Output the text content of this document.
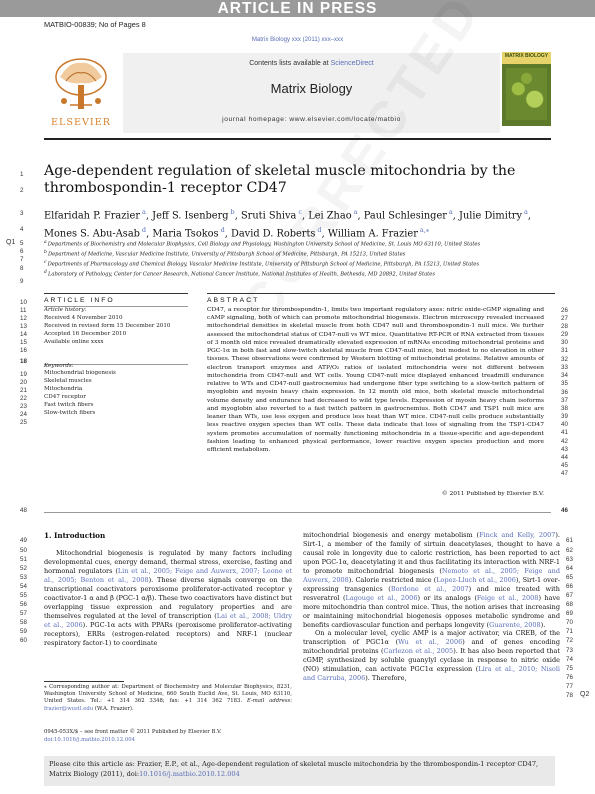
ARTICLE IN PRESS
MATBIO-00839; No of Pages 8
Matrix Biology xxx (2011) xxx–xxx
ELSEVIER
Contents lists available at ScienceDirect
Matrix Biology
journal homepage: www.elsevier.com/locate/matbio
MATRIX BIOLOGY
1
2
3
4
Q1 5
6
7
8
9
10
11
12
13
14
15
16
18
19
20
21
22
23
24
25
48
49
50
51
52
53
54
55
56
57
58
59
60
26
27
28
29
30
31
32
33
34
35
36
37
38
39
40
41
42
43
44
45
46
47
61
62
63
64
65
66
67
68
69
70
71
72
73
74
75
76
77
78 Q2
Age-dependent regulation of skeletal muscle mitochondria by the thrombospondin-1 receptor CD47
Elfaridah P. Frazier  $^a$, Jeff S. Isenberg  $^b$, Sruti Shiva  $^c$, Lei Zhao  $^a$, Paul Schlesinger  $^a$, Julie Dimitry  $^a$,
Mones S. Abu-Asab  $^d$, Maria Tsokos  $^d$, David D. Roberts  $^d$, William A. Frazier  $^{a,⁎}$
$^a$ Departments of Biochemistry and Molecular Biophysics, Cell Biology and Physiology, Washington University School of Medicine, St. Louis MO 63110, United States
$^b$ Department of Medicine, Vascular Medicine Institute, University of Pittsburgh School of Medicine, Pittsburgh, PA 15213, United States
$^c$ Departments of Pharmacology and Chemical Biology, Vascular Medicine Institute, University of Pittsburgh School of Medicine, Pittsburgh, PA 15213, United States
$^d$ Laboratory of Pathology, Center for Cancer Research, National Cancer Institute, National Institutes of Health, Bethesda, MD 20892, United States
ARTICLE INFO	ABSTRACT
Article history:
Received 4 November 2010
Received in revised form 15 December 2010
Accepted 16 December 2010
Available online xxxx
Keywords:
Mitochondrial biogenesis
Skeletal muscles
Mitochondria
CD47 receptor
Fast twitch fibers
Slow-twitch fibers
CD47, a receptor for thrombospondin-1, limits two important regulatory axes: nitric oxide-cGMP signaling and cAMP signaling, both of which can promote mitochondrial biogenesis. Electron microscopy revealed increased mitochondrial densities in skeletal muscle from both CD47 null and thrombospondin-1 null mice. We further assessed the mitochondrial status of CD47-null vs WT mice. Quantitative RT-PCR of RNA extracted from tissues of 3 month old mice revealed dramatically elevated expression of mRNAs encoding mitochondrial proteins and PGC-1α in both fast and slow-twitch skeletal muscle from CD47-null mice, but modest to no elevation in other tissues. These observations were confirmed by Western blotting of mitochondrial proteins. Relative amounts of electron transport enzymes and ATP/O₂ ratios of isolated mitochondria were not different between mitochondria from CD47-null and WT cells. Young CD47-null mice displayed enhanced treadmill endurance relative to WTs and CD47-null gastrocnemius had undergone fiber type switching to a slow-twitch pattern of myoglobin and myosin heavy chain expression. In 12 month old mice, both skeletal muscle mitochondrial volume density and endurance had decreased to wild type levels. Expression of myosin heavy chain isoforms and myoglobin also reverted to a fast twitch pattern in gastrocnemius. Both CD47 and TSP1 null mice are leaner than WTs, use less oxygen and produce less heat than WT mice. CD47-null cells produce substantially less reactive oxygen species than WT cells. These data indicate that loss of signaling from the TSP1-CD47 system promotes accumulation of normally functioning mitochondria in a tissue-specific and age-dependent fashion leading to enhanced physical performance, lower reactive oxygen species production and more efficient metabolism.
© 2011 Published by Elsevier B.V.
1. Introduction

Mitochondrial biogenesis is regulated by many factors including developmental cues, energy demand, thermal stress, exercise, fasting and hormonal regulators (Lin et al., 2005; Feige and Auwerx, 2007; Leone et al., 2005; Benton et al., 2008). These diverse signals converge on the transcriptional coactivators peroxisome proliferator-activated receptor γ coactivator-1 α and β (PGC-1 α/β). These two coactivators have distinct but overlapping tissue expression and regulatory properties and are themselves regulated at the level of transcription (Lai et al., 2008; Uldry et al., 2006). PGC-1α acts with PPARs (peroxisome proliferator-activating receptors), ERRs (estrogen-related receptors) and NRF-1 (nuclear respiratory factor-1) to coordinate

mitochondrial biogenesis and energy metabolism (Finck and Kelly, 2007). Sirt-1, a member of the family of sirtuin deacetylases, thought to have a causal role in longevity due to caloric restriction, has been reported to act upon PGC-1α, deacetylating it and thus facilitating its interaction with NRF-1 to promote mitochondrial biogenesis (Nemoto et al., 2005; Feige and Auwerx, 2008). Calorie restricted mice (Lopez-Lluch et al., 2006), Sirt-1 over-expressing transgenics (Bordone et al., 2007) and mice treated with resveratrol (Lagouge et al., 2006) or its analogs (Feige et al., 2008) have more mitochondria than control mice. Thus, the notion arises that increasing or maintaining mitochondrial biogenesis opposes metabolic syndrome and benefits cardiovascular function and perhaps longevity (Guarente, 2008).

On a molecular level, cyclic AMP is a major activator, via CREB, of the transcription of PGC1α (Wu et al., 2006) and of genes encoding mitochondrial proteins (Carlezon et al., 2005). It has also been reported that cGMP, synthesized by soluble guanylyl cyclase in response to nitric oxide (NO) stimulation, can activate PGC1α expression (Lira et al., 2010; Nisoli and Carruba, 2006). Therefore,

⁎ Corresponding author at: Department of Biochemistry and Molecular Biophysics, 8231, Washington University School of Medicine, 660 South Euclid Ave, St. Louis, MO 63110, United States. Tel.: +1 314 362 3348; fax: +1 314 362 7183. E-mail address: frazier@wustl.edu (W.A. Frazier).
0945-053X/$ – see front matter © 2011 Published by Elsevier B.V.
doi:10.1016/j.matbio.2010.12.004
Please cite this article as: Frazier, E.P., et al., Age-dependent regulation of skeletal muscle mitochondria by the thrombospondin-1 receptor CD47, Matrix Biology (2011), doi:10.1016/j.matbio.2010.12.004
